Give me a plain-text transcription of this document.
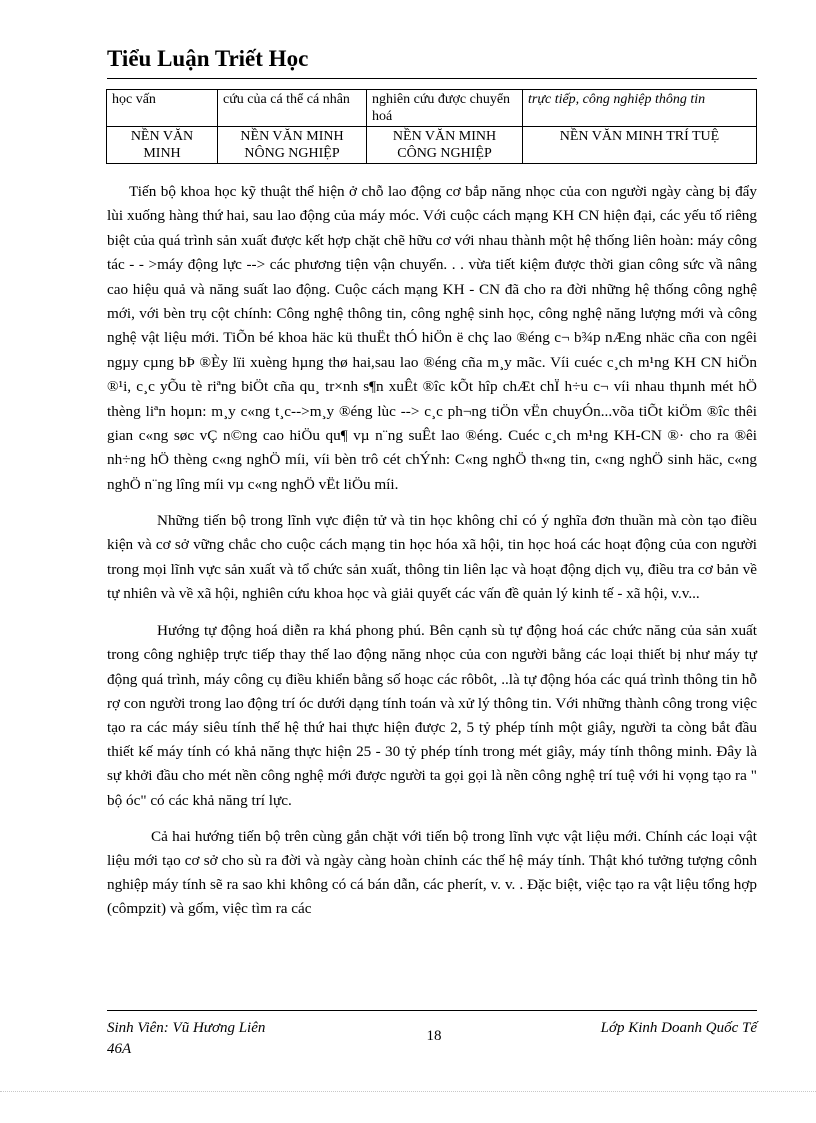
Tiểu Luận Triết Học
học vấn	cứu của cá thể cá nhân	nghiên cứu được chuyển hoá	trực tiếp, công nghiệp thông tin
NỀN VĂN MINH	NỀN VĂN MINH NÔNG NGHIỆP	NỀN VĂN MINH CÔNG NGHIỆP	NỀN VĂN MINH TRÍ TUỆ

Tiến bộ khoa học kỹ thuật thể hiện ở chỗ lao động cơ bắp năng nhọc của con người ngày càng bị đẩy lùi xuống hàng thứ hai, sau lao động của máy móc. Với cuộc cách mạng KH CN hiện đại, các yếu tố riêng biệt của quá trình sản xuất được kết hợp chặt chẽ hữu cơ với nhau thành một hệ thống liên hoàn: máy công tác - - >máy động lực --> các phương tiện vận chuyển. . . vừa tiết kiệm được thời gian công sức vầ nâng cao hiệu quả và năng suất lao động. Cuộc cách mạng KH - CN đã cho ra đời những hệ thống công nghệ mới, với bèn trụ cột chính: Công nghệ thông tin, công nghệ sinh học, công nghệ năng lượng mới và công nghệ vật liệu mới. TiÕn bé khoa häc kü thuËt thÓ hiÖn ë chç lao ®éng c¬ b¾p nÆng nhäc cña con ngêi ngµy cµng bÞ ®Èy lïi xuèng hµng thø hai,sau lao ®éng cña m¸y mãc. Víi cuéc c¸ch m¹ng KH CN hiÖn ®¹i, c¸c yÕu tè riªng biÖt cña qu¸ tr×nh s¶n xuÊt ®îc kÕt hîp chÆt chÏ h÷u c¬ víi nhau thµnh mét hÖ thèng liªn hoµn: m¸y c«ng t¸c-->m¸y ®éng lùc --> c¸c ph¬ng tiÖn vËn chuyÓn...võa tiÕt kiÖm ®îc thêi gian c«ng søc vÇ n©ng cao hiÖu qu¶ vµ n¨ng suÊt lao ®éng. Cuéc c¸ch m¹ng KH-CN ®· cho ra ®êi nh÷ng hÖ thèng c«ng nghÖ míi, víi bèn trô cét chÝnh: C«ng nghÖ th«ng tin, c«ng nghÖ sinh häc, c«ng nghÖ n¨ng lîng míi vµ c«ng nghÖ vËt liÖu míi.

Những tiến bộ trong lĩnh vực điện tử và tin học không chỉ có ý nghĩa đơn thuần mà còn tạo điều kiện và cơ sở vững chắc cho cuộc cách mạng tin học hóa xã hội, tin học hoá các hoạt động của con người trong mọi lĩnh vực sản xuất và tổ chức sản xuất, thông tin liên lạc và hoạt động dịch vụ, điều tra cơ bản về tự nhiên và về xã hội, nghiên cứu khoa học và giải quyết các vấn đề quản lý kinh tế - xã hội, v.v...

Hướng tự động hoá diễn ra khá phong phú. Bên cạnh sù tự động hoá các chức năng của sản xuất trong công nghiệp trực tiếp thay thế lao động năng nhọc của con người bằng các loại thiết bị như máy tự động quá trình, máy công cụ điều khiển bằng số hoạc các rôbôt, ..là tự động hóa các quá trình thông tin hỗ rợ con người trong lao động trí óc dưới dạng tính toán và xử lý thông tin. Với những thành công trong việc tạo ra các máy siêu tính thế hệ thứ hai thực hiện được 2, 5 tỷ phép tính một giây, người ta còng bắt đầu thiết kế máy tính có khả năng thực hiện 25 - 30 tỷ phép tính trong mét giây, máy tính thông minh. Đây là sự khởi đầu cho mét nền công nghệ mới được người ta gọi gọi là nền công nghệ trí tuệ với hi vọng tạo ra " bộ óc" có các khả năng trí lực.

Cả hai hướng tiến bộ trên cùng gắn chặt với tiến bộ trong lĩnh vực vật liệu mới. Chính các loại vật liệu mới tạo cơ sở cho sù ra đời và ngày càng hoàn chỉnh các thế hệ máy tính. Thật khó tưởng tượng cônh nghiệp máy tính sẽ ra sao khi không có cá bán dẫn, các pherít, v. v. . Đặc biệt, việc tạo ra vật liệu tổng hợp (cômpzit) và gốm, việc tìm ra các

Sinh Viên: Vũ Hương Liên
46A
18	Lớp Kinh Doanh Quốc Tế
